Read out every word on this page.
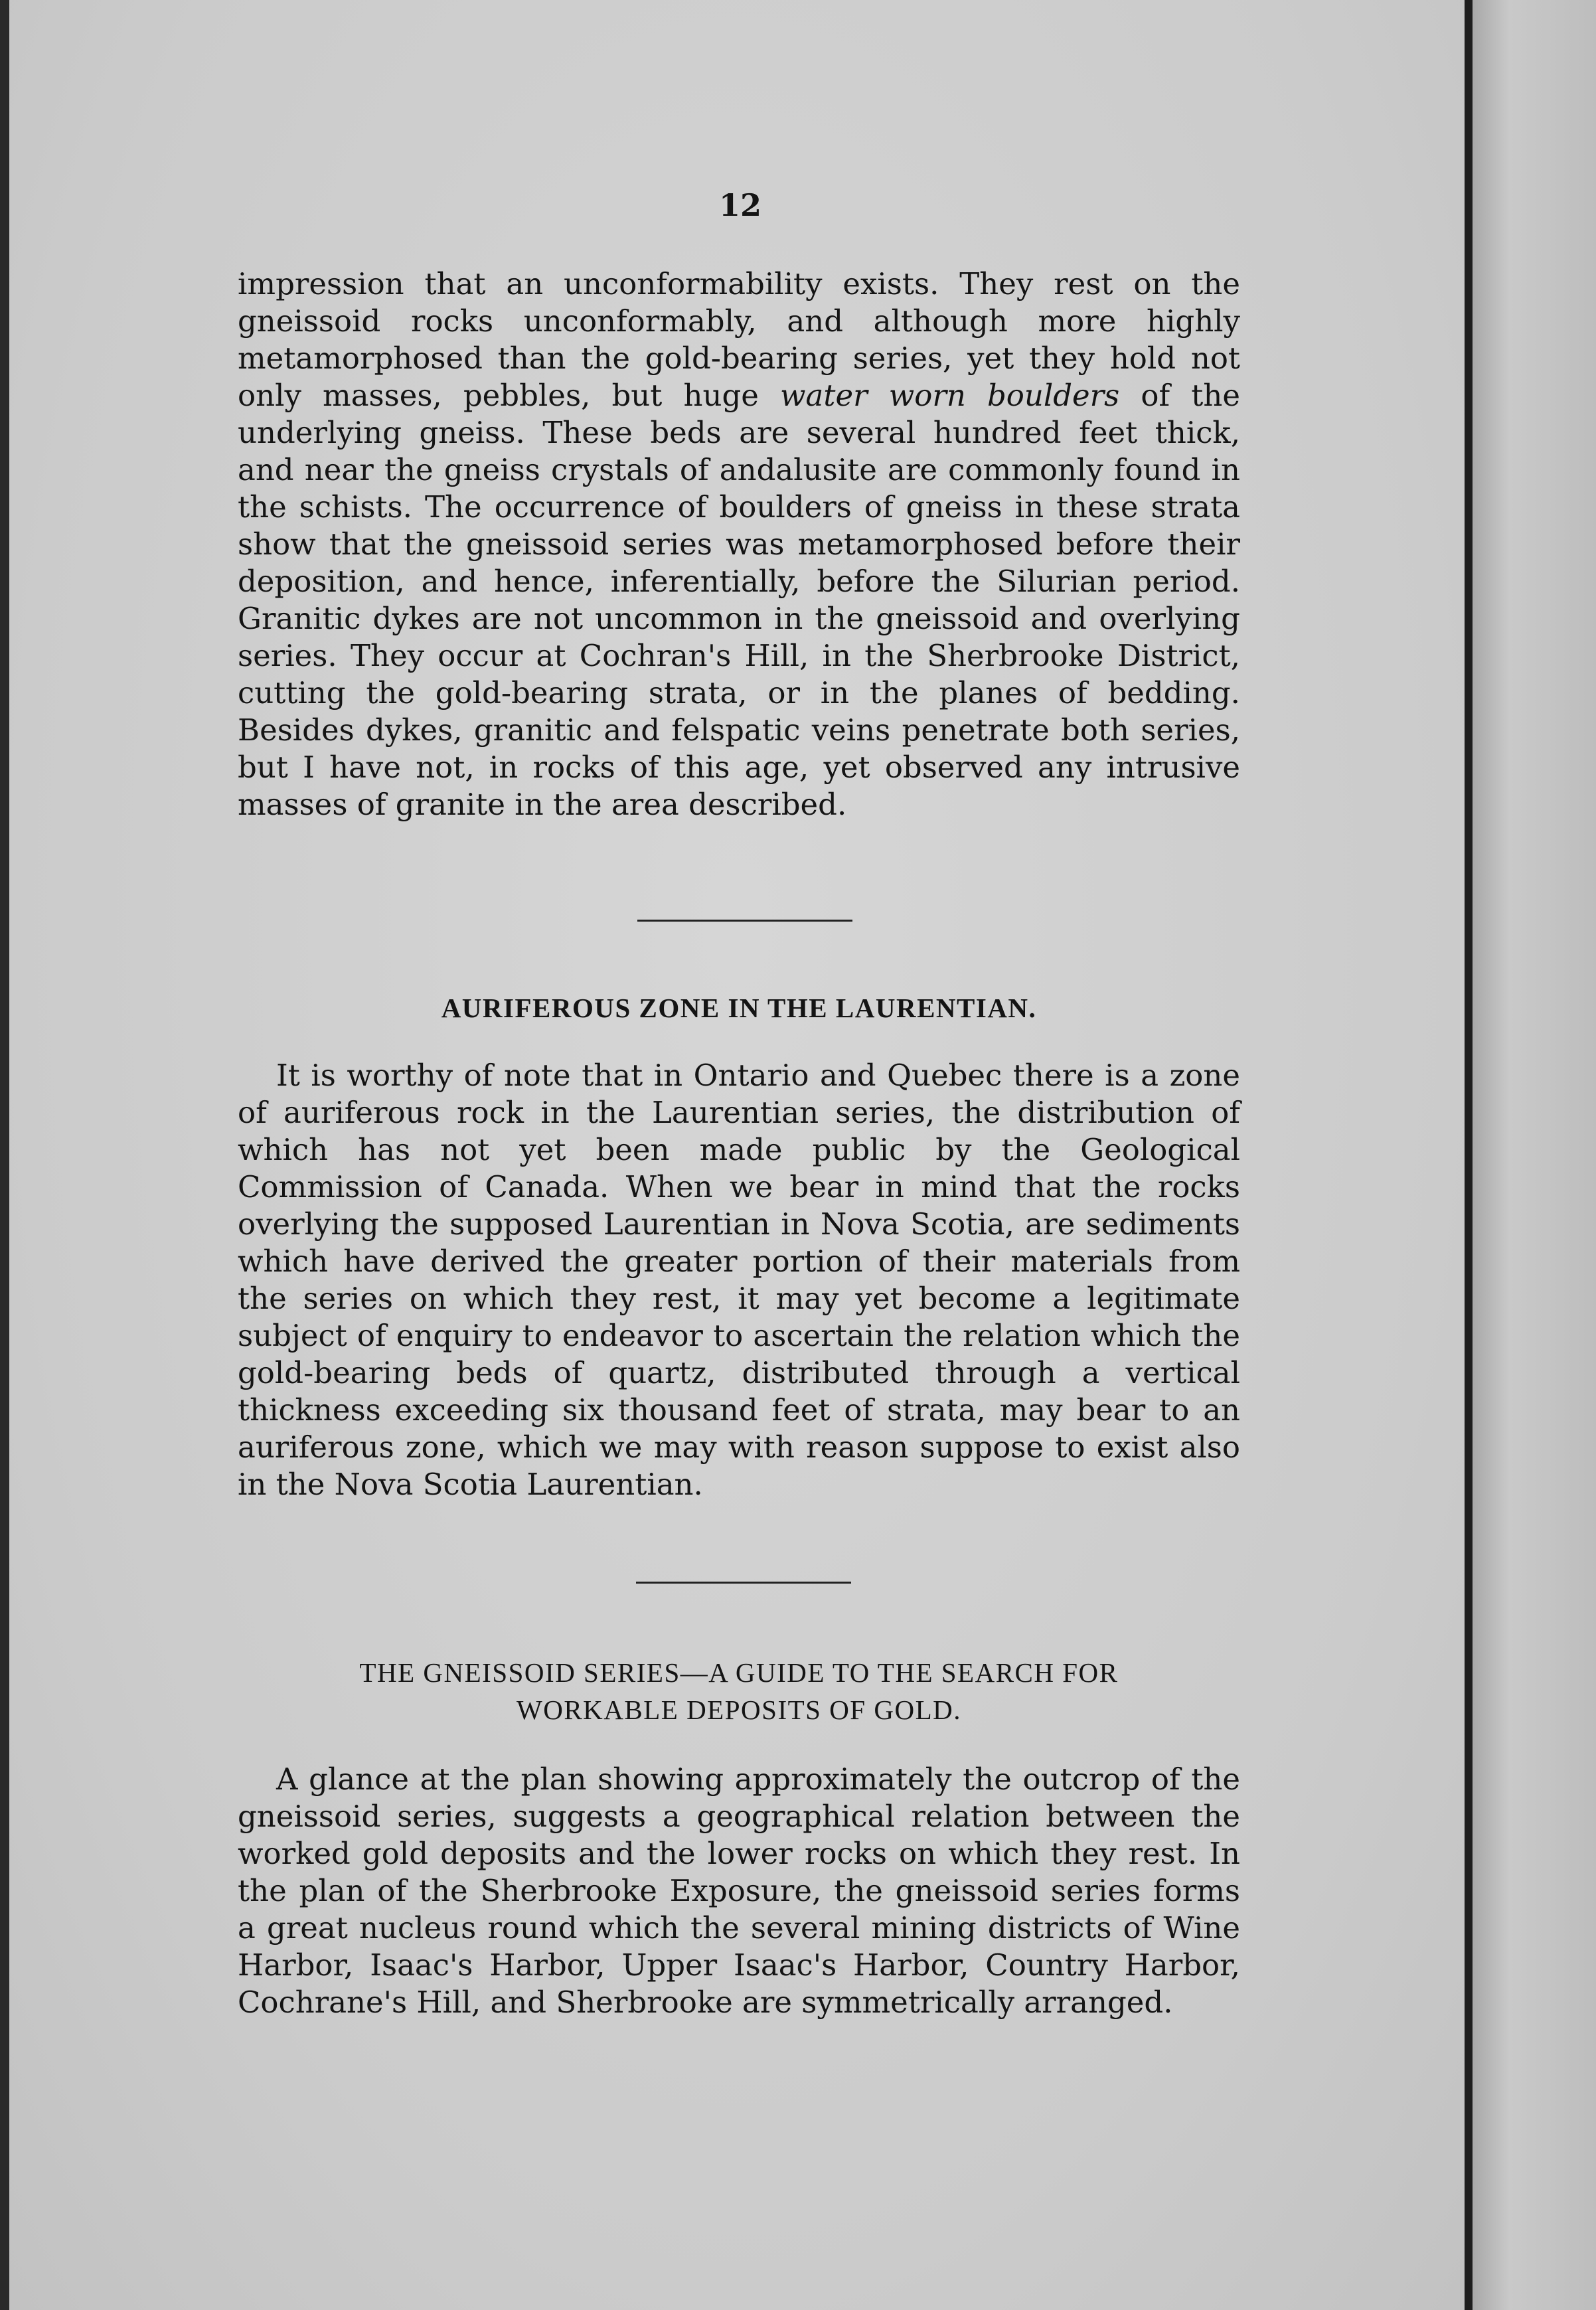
12

impression that an unconformability exists. They rest on the gneissoid rocks unconformably, and although more highly metamorphosed than the gold-bearing series, yet they hold not only masses, pebbles, but huge water worn boulders of the underlying gneiss. These beds are several hundred feet thick, and near the gneiss crystals of andalusite are commonly found in the schists. The occurrence of boulders of gneiss in these strata show that the gneissoid series was metamorphosed before their deposition, and hence, inferentially, before the Silurian period. Granitic dykes are not uncommon in the gneissoid and overlying series. They occur at Cochran's Hill, in the Sherbrooke District, cutting the gold-bearing strata, or in the planes of bedding. Besides dykes, granitic and felspatic veins penetrate both series, but I have not, in rocks of this age, yet observed any intrusive masses of granite in the area described.

AURIFEROUS ZONE IN THE LAURENTIAN.

It is worthy of note that in Ontario and Quebec there is a zone of auriferous rock in the Laurentian series, the distribution of which has not yet been made public by the Geological Commission of Canada. When we bear in mind that the rocks overlying the supposed Laurentian in Nova Scotia, are sediments which have derived the greater portion of their materials from the series on which they rest, it may yet become a legitimate subject of enquiry to endeavor to ascertain the relation which the gold-bearing beds of quartz, distributed through a vertical thickness exceeding six thousand feet of strata, may bear to an auriferous zone, which we may with reason suppose to exist also in the Nova Scotia Laurentian.

THE GNEISSOID SERIES—A GUIDE TO THE SEARCH FOR
WORKABLE DEPOSITS OF GOLD.

A glance at the plan showing approximately the outcrop of the gneissoid series, suggests a geographical relation between the worked gold deposits and the lower rocks on which they rest. In the plan of the Sherbrooke Exposure, the gneissoid series forms a great nucleus round which the several mining districts of Wine Harbor, Isaac's Harbor, Upper Isaac's Harbor, Country Harbor, Cochrane's Hill, and Sherbrooke are symmetrically arranged.
